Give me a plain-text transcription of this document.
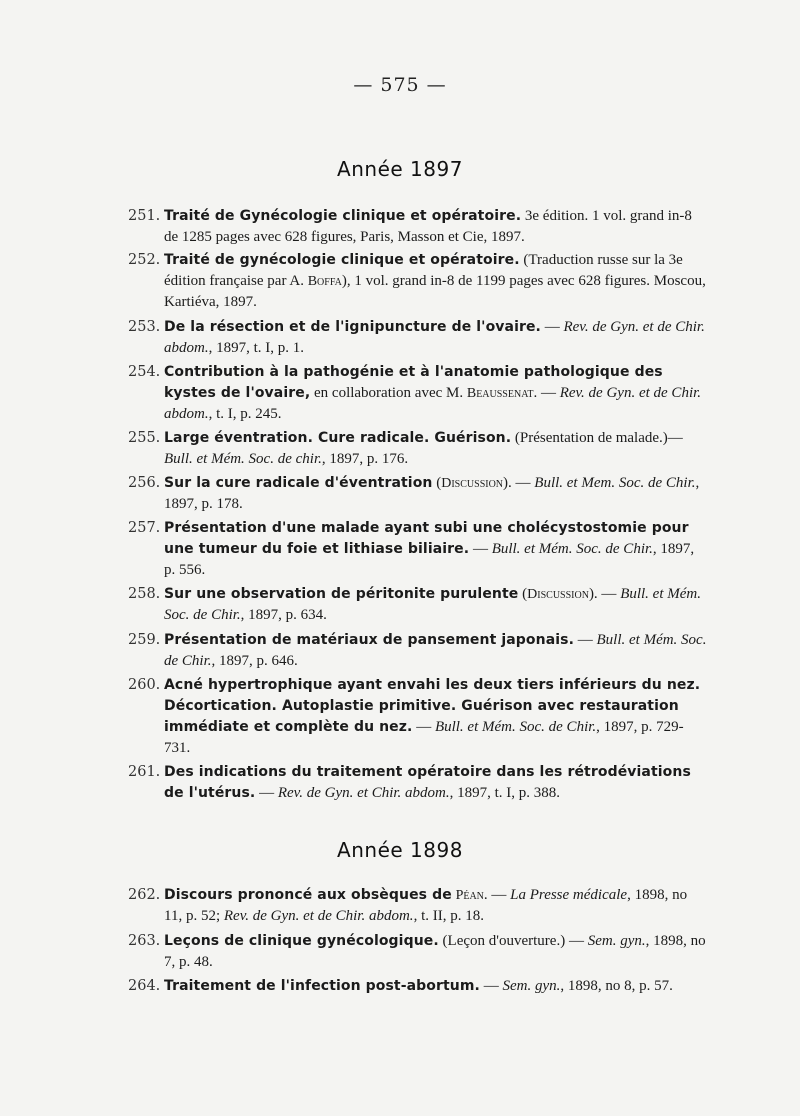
— 575 —
Année 1897
251. Traité de Gynécologie clinique et opératoire. 3e édition. 1 vol. grand in-8 de 1285 pages avec 628 figures, Paris, Masson et Cie, 1897.
252. Traité de gynécologie clinique et opératoire. (Traduction russe sur la 3e édition française par A. Boffa), 1 vol. grand in-8 de 1199 pages avec 628 figures. Moscou, Kartiéva, 1897.
253. De la résection et de l'ignipuncture de l'ovaire. — Rev. de Gyn. et de Chir. abdom., 1897, t. I, p. 1.
254. Contribution à la pathogénie et à l'anatomie pathologique des kystes de l'ovaire, en collaboration avec M. Beaussenat. — Rev. de Gyn. et de Chir. abdom., t. I, p. 245.
255. Large éventration. Cure radicale. Guérison. (Présentation de malade.)— Bull. et Mém. Soc. de chir., 1897, p. 176.
256. Sur la cure radicale d'éventration (Discussion). — Bull. et Mem. Soc. de Chir., 1897, p. 178.
257. Présentation d'une malade ayant subi une cholécystostomie pour une tumeur du foie et lithiase biliaire. — Bull. et Mém. Soc. de Chir., 1897, p. 556.
258. Sur une observation de péritonite purulente (Discussion). — Bull. et Mém. Soc. de Chir., 1897, p. 634.
259. Présentation de matériaux de pansement japonais. — Bull. et Mém. Soc. de Chir., 1897, p. 646.
260. Acné hypertrophique ayant envahi les deux tiers inférieurs du nez. Décortication. Autoplastie primitive. Guérison avec restauration immédiate et complète du nez. — Bull. et Mém. Soc. de Chir., 1897, p. 729-731.
261. Des indications du traitement opératoire dans les rétrodéviations de l'utérus. — Rev. de Gyn. et Chir. abdom., 1897, t. I, p. 388.
Année 1898
262. Discours prononcé aux obsèques de Péan. — La Presse médicale, 1898, no 11, p. 52; Rev. de Gyn. et de Chir. abdom., t. II, p. 18.
263. Leçons de clinique gynécologique. (Leçon d'ouverture.) — Sem. gyn., 1898, no 7, p. 48.
264. Traitement de l'infection post-abortum. — Sem. gyn., 1898, no 8, p. 57.
